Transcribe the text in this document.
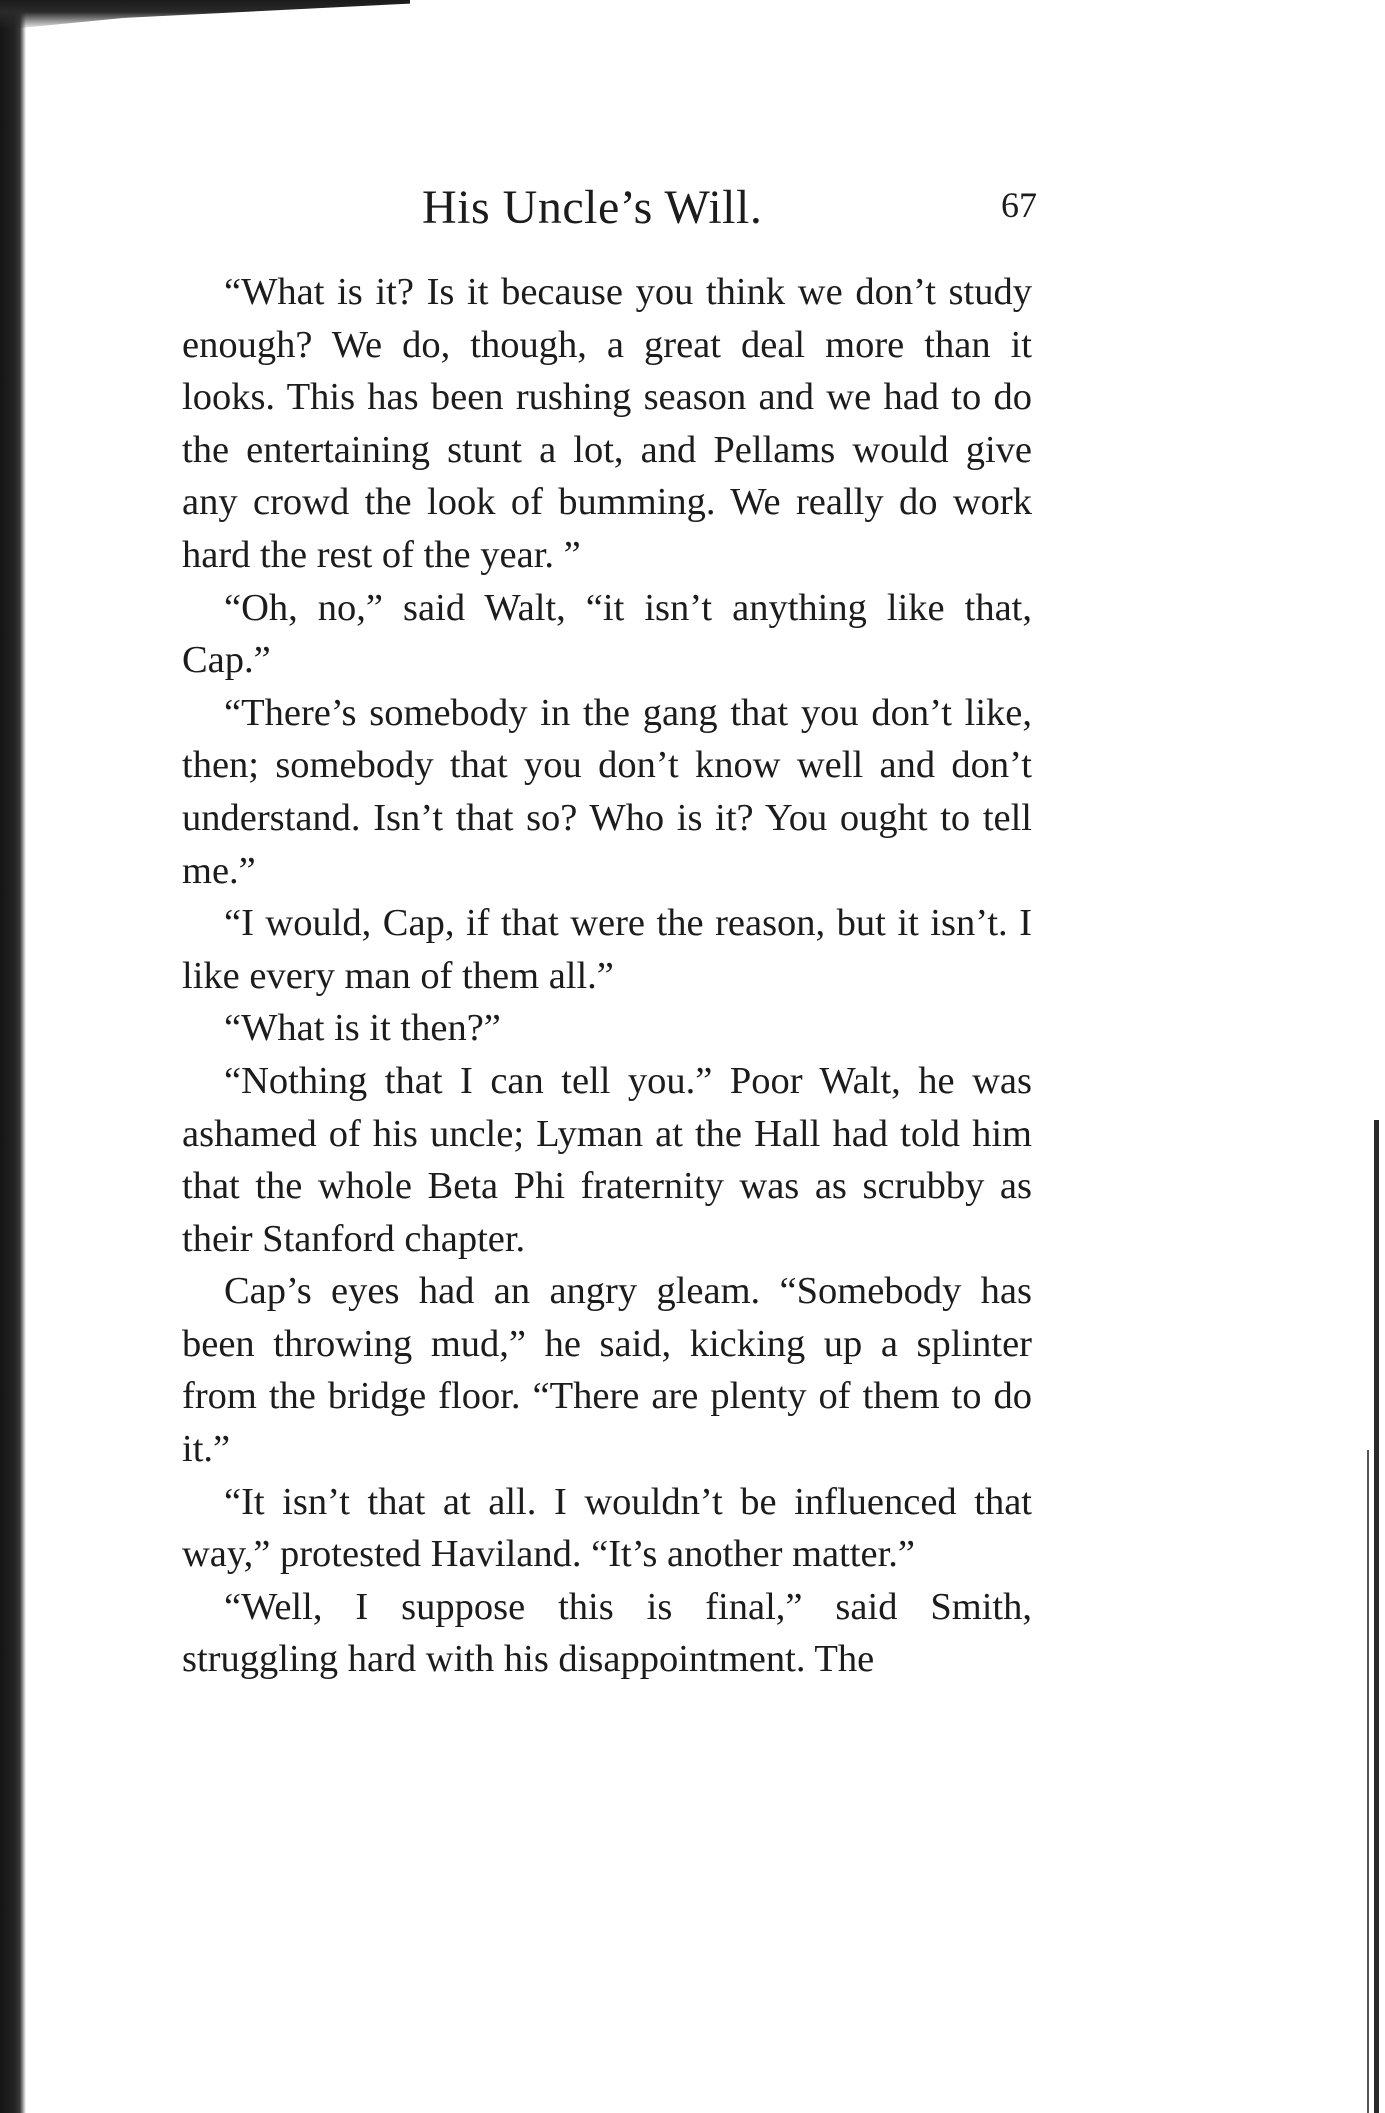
His Uncle’s Will.	67

“What is it? Is it because you think we don’t study enough? We do, though, a great deal more than it looks. This has been rushing season and we had to do the entertaining stunt a lot, and Pellams would give any crowd the look of bumming. We really do work hard the rest of the year. ”

“Oh, no,” said Walt, “it isn’t anything like that, Cap.”

“There’s somebody in the gang that you don’t like, then; somebody that you don’t know well and don’t understand. Isn’t that so? Who is it? You ought to tell me.”

“I would, Cap, if that were the reason, but it isn’t. I like every man of them all.”

“What is it then?”

“Nothing that I can tell you.” Poor Walt, he was ashamed of his uncle; Lyman at the Hall had told him that the whole Beta Phi fraternity was as scrubby as their Stanford chapter.

Cap’s eyes had an angry gleam. “Somebody has been throwing mud,” he said, kicking up a splinter from the bridge floor. “There are plenty of them to do it.”

“It isn’t that at all. I wouldn’t be influenced that way,” protested Haviland. “It’s another matter.”

“Well, I suppose this is final,” said Smith, struggling hard with his disappointment. The
